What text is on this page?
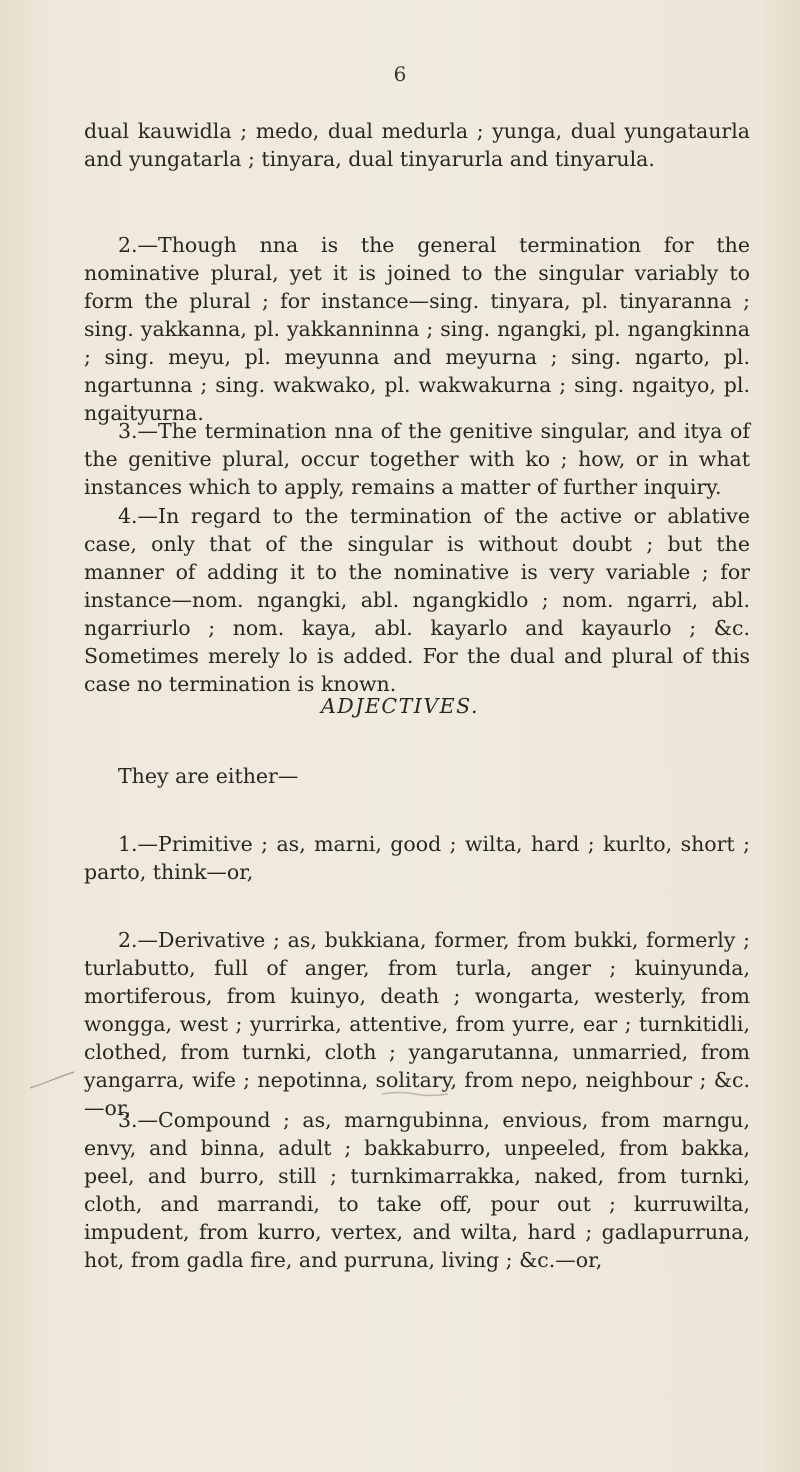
6

dual kauwidla ; medo, dual medurla ; yunga, dual yungataurla and yungatarla ; tinyara, dual tinyarurla and tinyarula.

2.—Though nna is the general termination for the nominative plural, yet it is joined to the singular variably to form the plural ; for instance—sing. tinyara, pl. tinyaranna ; sing. yakkanna, pl. yakkanninna ; sing. ngangki, pl. ngangkinna ; sing. meyu, pl. meyunna and meyurna ; sing. ngarto, pl. ngartunna ; sing. wakwako, pl. wakwakurna ; sing. ngaityo, pl. ngaityurna.

3.—The termination nna of the genitive singular, and itya of the genitive plural, occur together with ko ; how, or in what instances which to apply, remains a matter of further inquiry.

4.—In regard to the termination of the active or ablative case, only that of the singular is without doubt ; but the manner of adding it to the nominative is very variable ; for instance—nom. ngangki, abl. ngangkidlo ; nom. ngarri, abl. ngarriurlo ; nom. kaya, abl. kayarlo and kayaurlo ; &c. Sometimes merely lo is added. For the dual and plural of this case no termination is known.

ADJECTIVES.

They are either—

1.—Primitive ; as, marni, good ; wilta, hard ; kurlto, short ; parto, think—or,

2.—Derivative ; as, bukkiana, former, from bukki, formerly ; turlabutto, full of anger, from turla, anger ; kuinyunda, mortiferous, from kuinyo, death ; wongarta, westerly, from wongga, west ; yurrirka, attentive, from yurre, ear ; turnkitidli, clothed, from turnki, cloth ; yangarutanna, unmarried, from yangarra, wife ; nepotinna, solitary, from nepo, neighbour ; &c.—or,

3.—Compound ; as, marngubinna, envious, from marngu, envy, and binna, adult ; bakkaburro, unpeeled, from bakka, peel, and burro, still ; turnkimarrakka, naked, from turnki, cloth, and marrandi, to take off, pour out ; kurruwilta, impudent, from kurro, vertex, and wilta, hard ; gadlapurruna, hot, from gadla fire, and purruna, living ; &c.—or,
